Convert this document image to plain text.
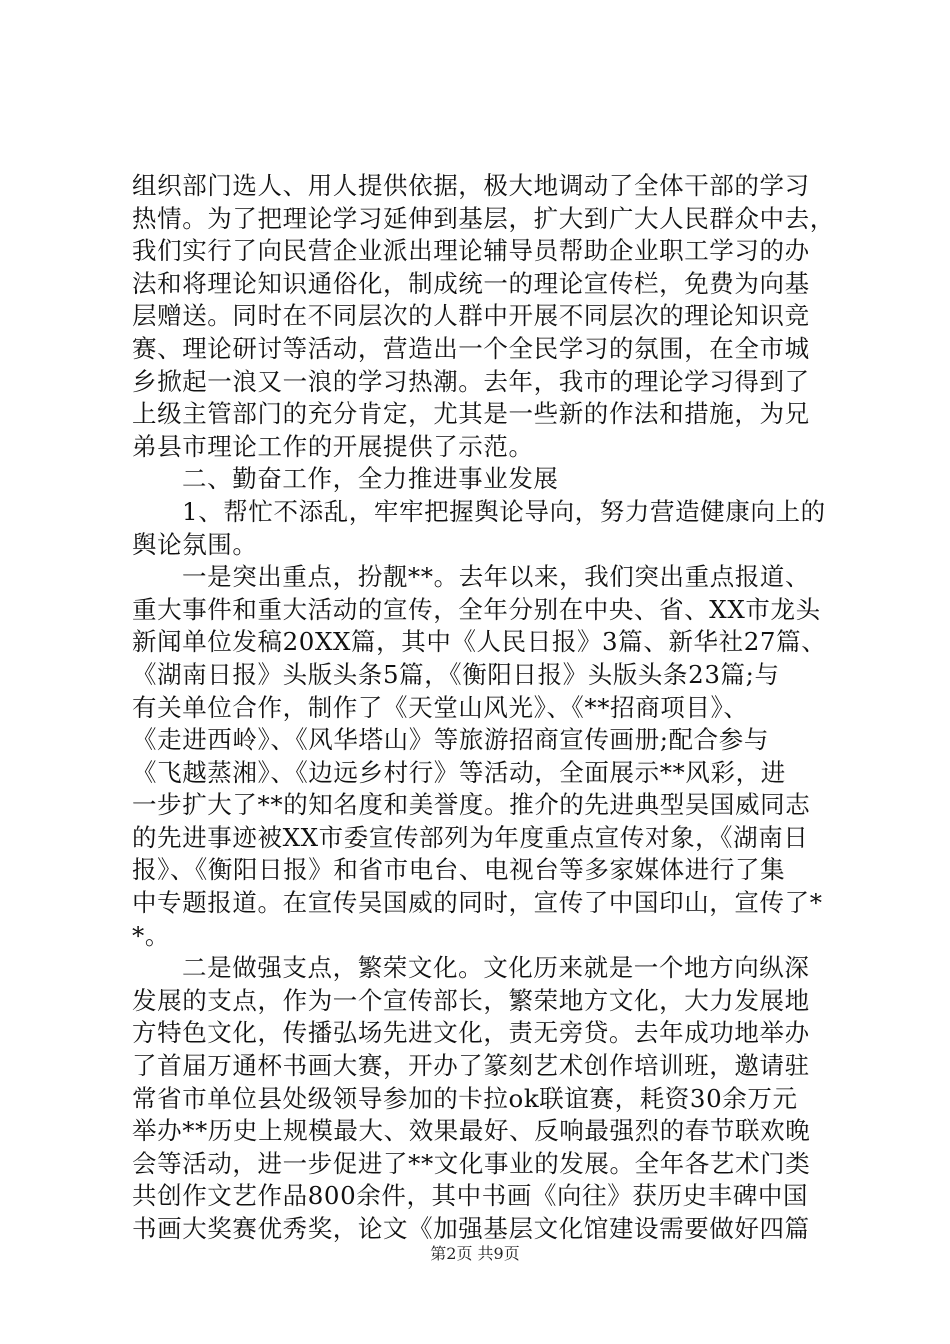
组织部门选人、用人提供依据，极大地调动了全体干部的学习
热情。为了把理论学习延伸到基层，扩大到广大人民群众中去，
我们实行了向民营企业派出理论辅导员帮助企业职工学习的办
法和将理论知识通俗化，制成统一的理论宣传栏，免费为向基
层赠送。同时在不同层次的人群中开展不同层次的理论知识竞
赛、理论研讨等活动，营造出一个全民学习的氛围，在全市城
乡掀起一浪又一浪的学习热潮。去年，我市的理论学习得到了
上级主管部门的充分肯定，尤其是一些新的作法和措施，为兄
弟县市理论工作的开展提供了示范。
二、勤奋工作，全力推进事业发展
1、帮忙不添乱，牢牢把握舆论导向，努力营造健康向上的
舆论氛围。
一是突出重点，扮靓**。去年以来，我们突出重点报道、
重大事件和重大活动的宣传，全年分别在中央、省、XX市龙头
新闻单位发稿20XX篇，其中《人民日报》3篇、新华社27篇、
《湖南日报》头版头条5篇，《衡阳日报》头版头条23篇;与
有关单位合作，制作了《天堂山风光》、《**招商项目》、
《走进西岭》、《风华塔山》等旅游招商宣传画册;配合参与
《飞越蒸湘》、《边远乡村行》等活动，全面展示**风彩，进
一步扩大了**的知名度和美誉度。推介的先进典型吴国威同志
的先进事迹被XX市委宣传部列为年度重点宣传对象，《湖南日
报》、《衡阳日报》和省市电台、电视台等多家媒体进行了集
中专题报道。在宣传吴国威的同时，宣传了中国印山，宣传了*
*。
二是做强支点，繁荣文化。文化历来就是一个地方向纵深
发展的支点，作为一个宣传部长，繁荣地方文化，大力发展地
方特色文化，传播弘场先进文化，责无旁贷。去年成功地举办
了首届万通杯书画大赛，开办了篆刻艺术创作培训班，邀请驻
常省市单位县处级领导参加的卡拉ok联谊赛，耗资30余万元
举办**历史上规模最大、效果最好、反响最强烈的春节联欢晚
会等活动，进一步促进了**文化事业的发展。全年各艺术门类
共创作文艺作品800余件，其中书画《向往》获历史丰碑中国
书画大奖赛优秀奖，论文《加强基层文化馆建设需要做好四篇
第2页 共9页
